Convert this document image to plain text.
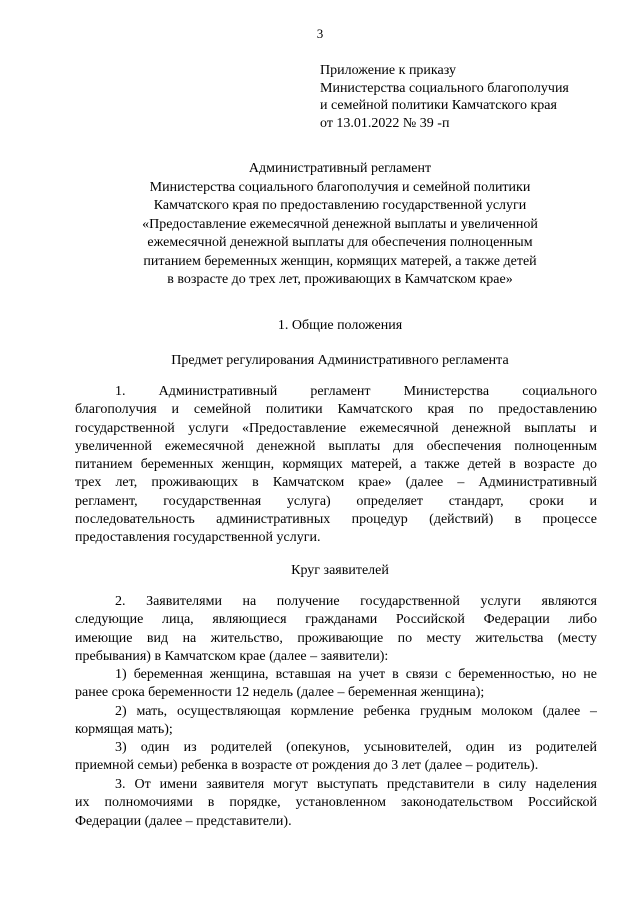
3
Приложение к приказу
Министерства социального благополучия
и семейной политики Камчатского края
от 13.01.2022 № 39 -п
Административный регламент
Министерства социального благополучия и семейной политики
Камчатского края по предоставлению государственной услуги
«Предоставление ежемесячной денежной выплаты и увеличенной
ежемесячной денежной выплаты для обеспечения полноценным
питанием беременных женщин, кормящих матерей, а также детей
в возрасте до трех лет, проживающих в Камчатском крае»
1. Общие положения
Предмет регулирования Административного регламента
1. Административный регламент Министерства социального
благополучия и семейной политики Камчатского края по предоставлению
государственной услуги «Предоставление ежемесячной денежной выплаты и
увеличенной ежемесячной денежной выплаты для обеспечения полноценным
питанием беременных женщин, кормящих матерей, а также детей в возрасте до
трех лет, проживающих в Камчатском крае» (далее – Административный
регламент, государственная услуга) определяет стандарт, сроки и
последовательность административных процедур (действий) в процессе
предоставления государственной услуги.
Круг заявителей
2. Заявителями на получение государственной услуги являются
следующие лица, являющиеся гражданами Российской Федерации либо
имеющие вид на жительство, проживающие по месту жительства (месту
пребывания) в Камчатском крае (далее – заявители):
1) беременная женщина, вставшая на учет в связи с беременностью, но не
ранее срока беременности 12 недель (далее – беременная женщина);
2) мать, осуществляющая кормление ребенка грудным молоком (далее –
кормящая мать);
3) один из родителей (опекунов, усыновителей, один из родителей
приемной семьи) ребенка в возрасте от рождения до 3 лет (далее – родитель).
3. От имени заявителя могут выступать представители в силу наделения
их полномочиями в порядке, установленном законодательством Российской
Федерации (далее – представители).
